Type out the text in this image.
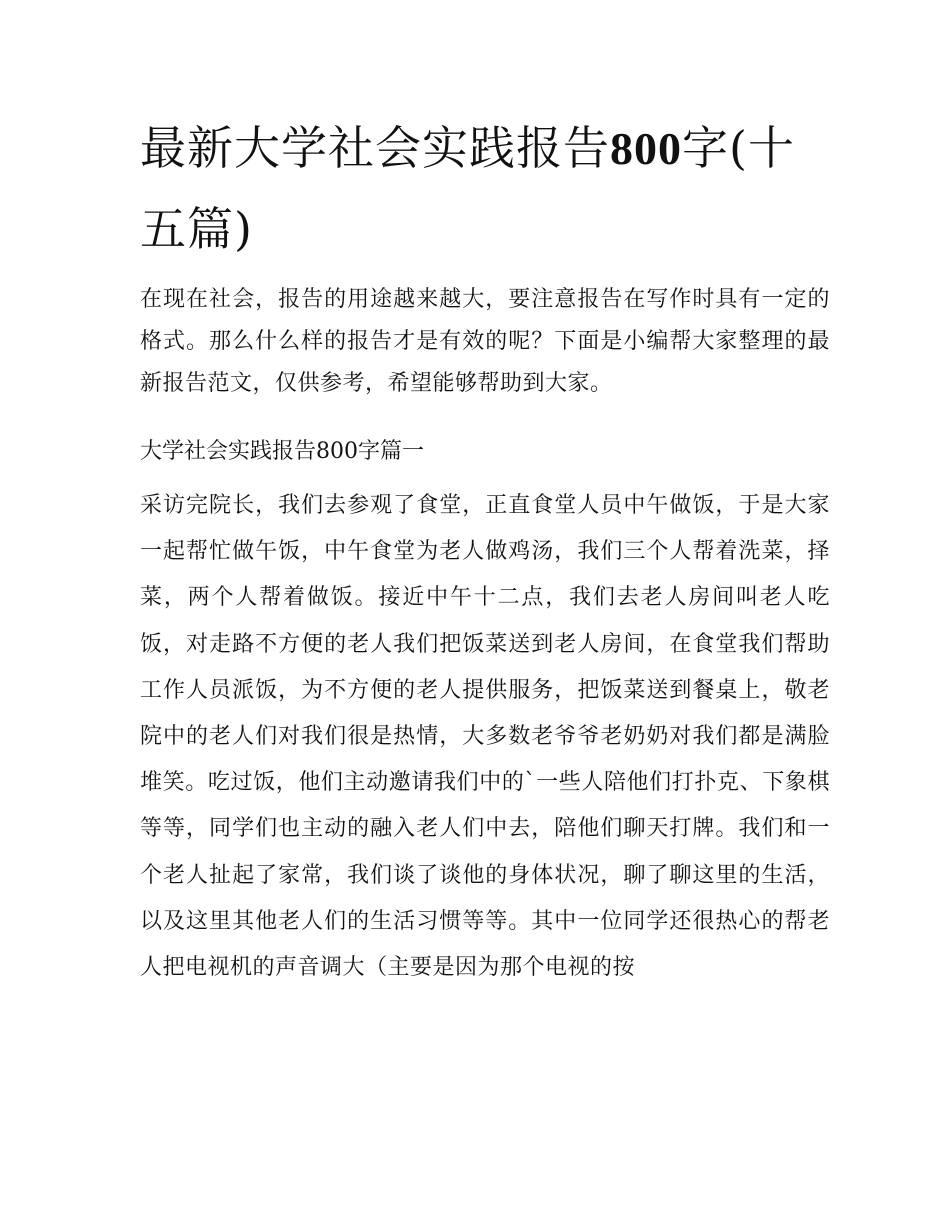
最新大学社会实践报告800字(十五篇)

在现在社会，报告的用途越来越大，要注意报告在写作时具有一定的格式。那么什么样的报告才是有效的呢？下面是小编帮大家整理的最新报告范文，仅供参考，希望能够帮助到大家。

大学社会实践报告800字篇一

采访完院长，我们去参观了食堂，正直食堂人员中午做饭，于是大家一起帮忙做午饭，中午食堂为老人做鸡汤，我们三个人帮着洗菜，择菜，两个人帮着做饭。接近中午十二点，我们去老人房间叫老人吃饭，对走路不方便的老人我们把饭菜送到老人房间，在食堂我们帮助工作人员派饭，为不方便的老人提供服务，把饭菜送到餐桌上，敬老院中的老人们对我们很是热情，大多数老爷爷老奶奶对我们都是满脸堆笑。吃过饭，他们主动邀请我们中的`一些人陪他们打扑克、下象棋等等，同学们也主动的融入老人们中去，陪他们聊天打牌。我们和一个老人扯起了家常，我们谈了谈他的身体状况，聊了聊这里的生活，以及这里其他老人们的生活习惯等等。其中一位同学还很热心的帮老人把电视机的声音调大（主要是因为那个电视的按
